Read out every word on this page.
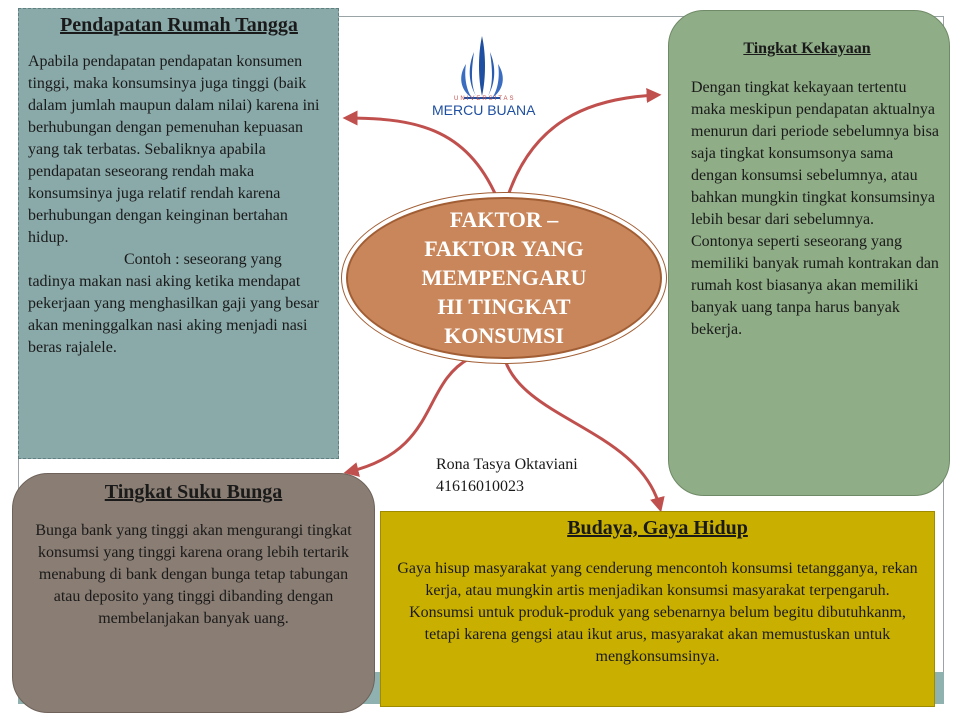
UNIVERSITAS
MERCU BUANA
Pendapatan Rumah Tangga

Apabila pendapatan pendapatan konsumen tinggi, maka konsumsinya juga tinggi (baik dalam jumlah maupun dalam nilai) karena ini berhubungan dengan pemenuhan kepuasan yang tak terbatas. Sebaliknya apabila pendapatan seseorang rendah maka konsumsinya juga relatif rendah karena berhubungan dengan keinginan bertahan hidup.
Contoh : seseorang yang tadinya makan nasi aking ketika mendapat pekerjaan yang menghasilkan gaji yang besar akan meninggalkan nasi aking menjadi nasi beras rajalele.

Tingkat Kekayaan

Dengan tingkat kekayaan tertentu maka meskipun pendapatan aktualnya menurun dari periode sebelumnya bisa saja tingkat konsumsonya sama dengan konsumsi sebelumnya, atau bahkan mungkin tingkat konsumsinya lebih besar dari sebelumnya.

Contonya seperti seseorang yang memiliki banyak rumah kontrakan dan rumah kost biasanya akan memiliki banyak uang tanpa harus banyak bekerja.

FAKTOR –
FAKTOR YANG
MEMPENGARU
HI TINGKAT
KONSUMSI
Rona Tasya Oktaviani
41616010023
Tingkat Suku Bunga

Bunga bank yang tinggi akan mengurangi tingkat konsumsi yang tinggi karena orang lebih tertarik menabung di bank dengan bunga tetap tabungan atau deposito yang tinggi dibanding dengan membelanjakan banyak uang.

Budaya, Gaya Hidup

Gaya hisup masyarakat yang cenderung mencontoh konsumsi tetangganya, rekan kerja, atau mungkin artis menjadikan konsumsi masyarakat terpengaruh. Konsumsi untuk produk-produk yang sebenarnya belum begitu dibutuhkanm, tetapi karena gengsi atau ikut arus, masyarakat akan memustuskan untuk mengkonsumsinya.
